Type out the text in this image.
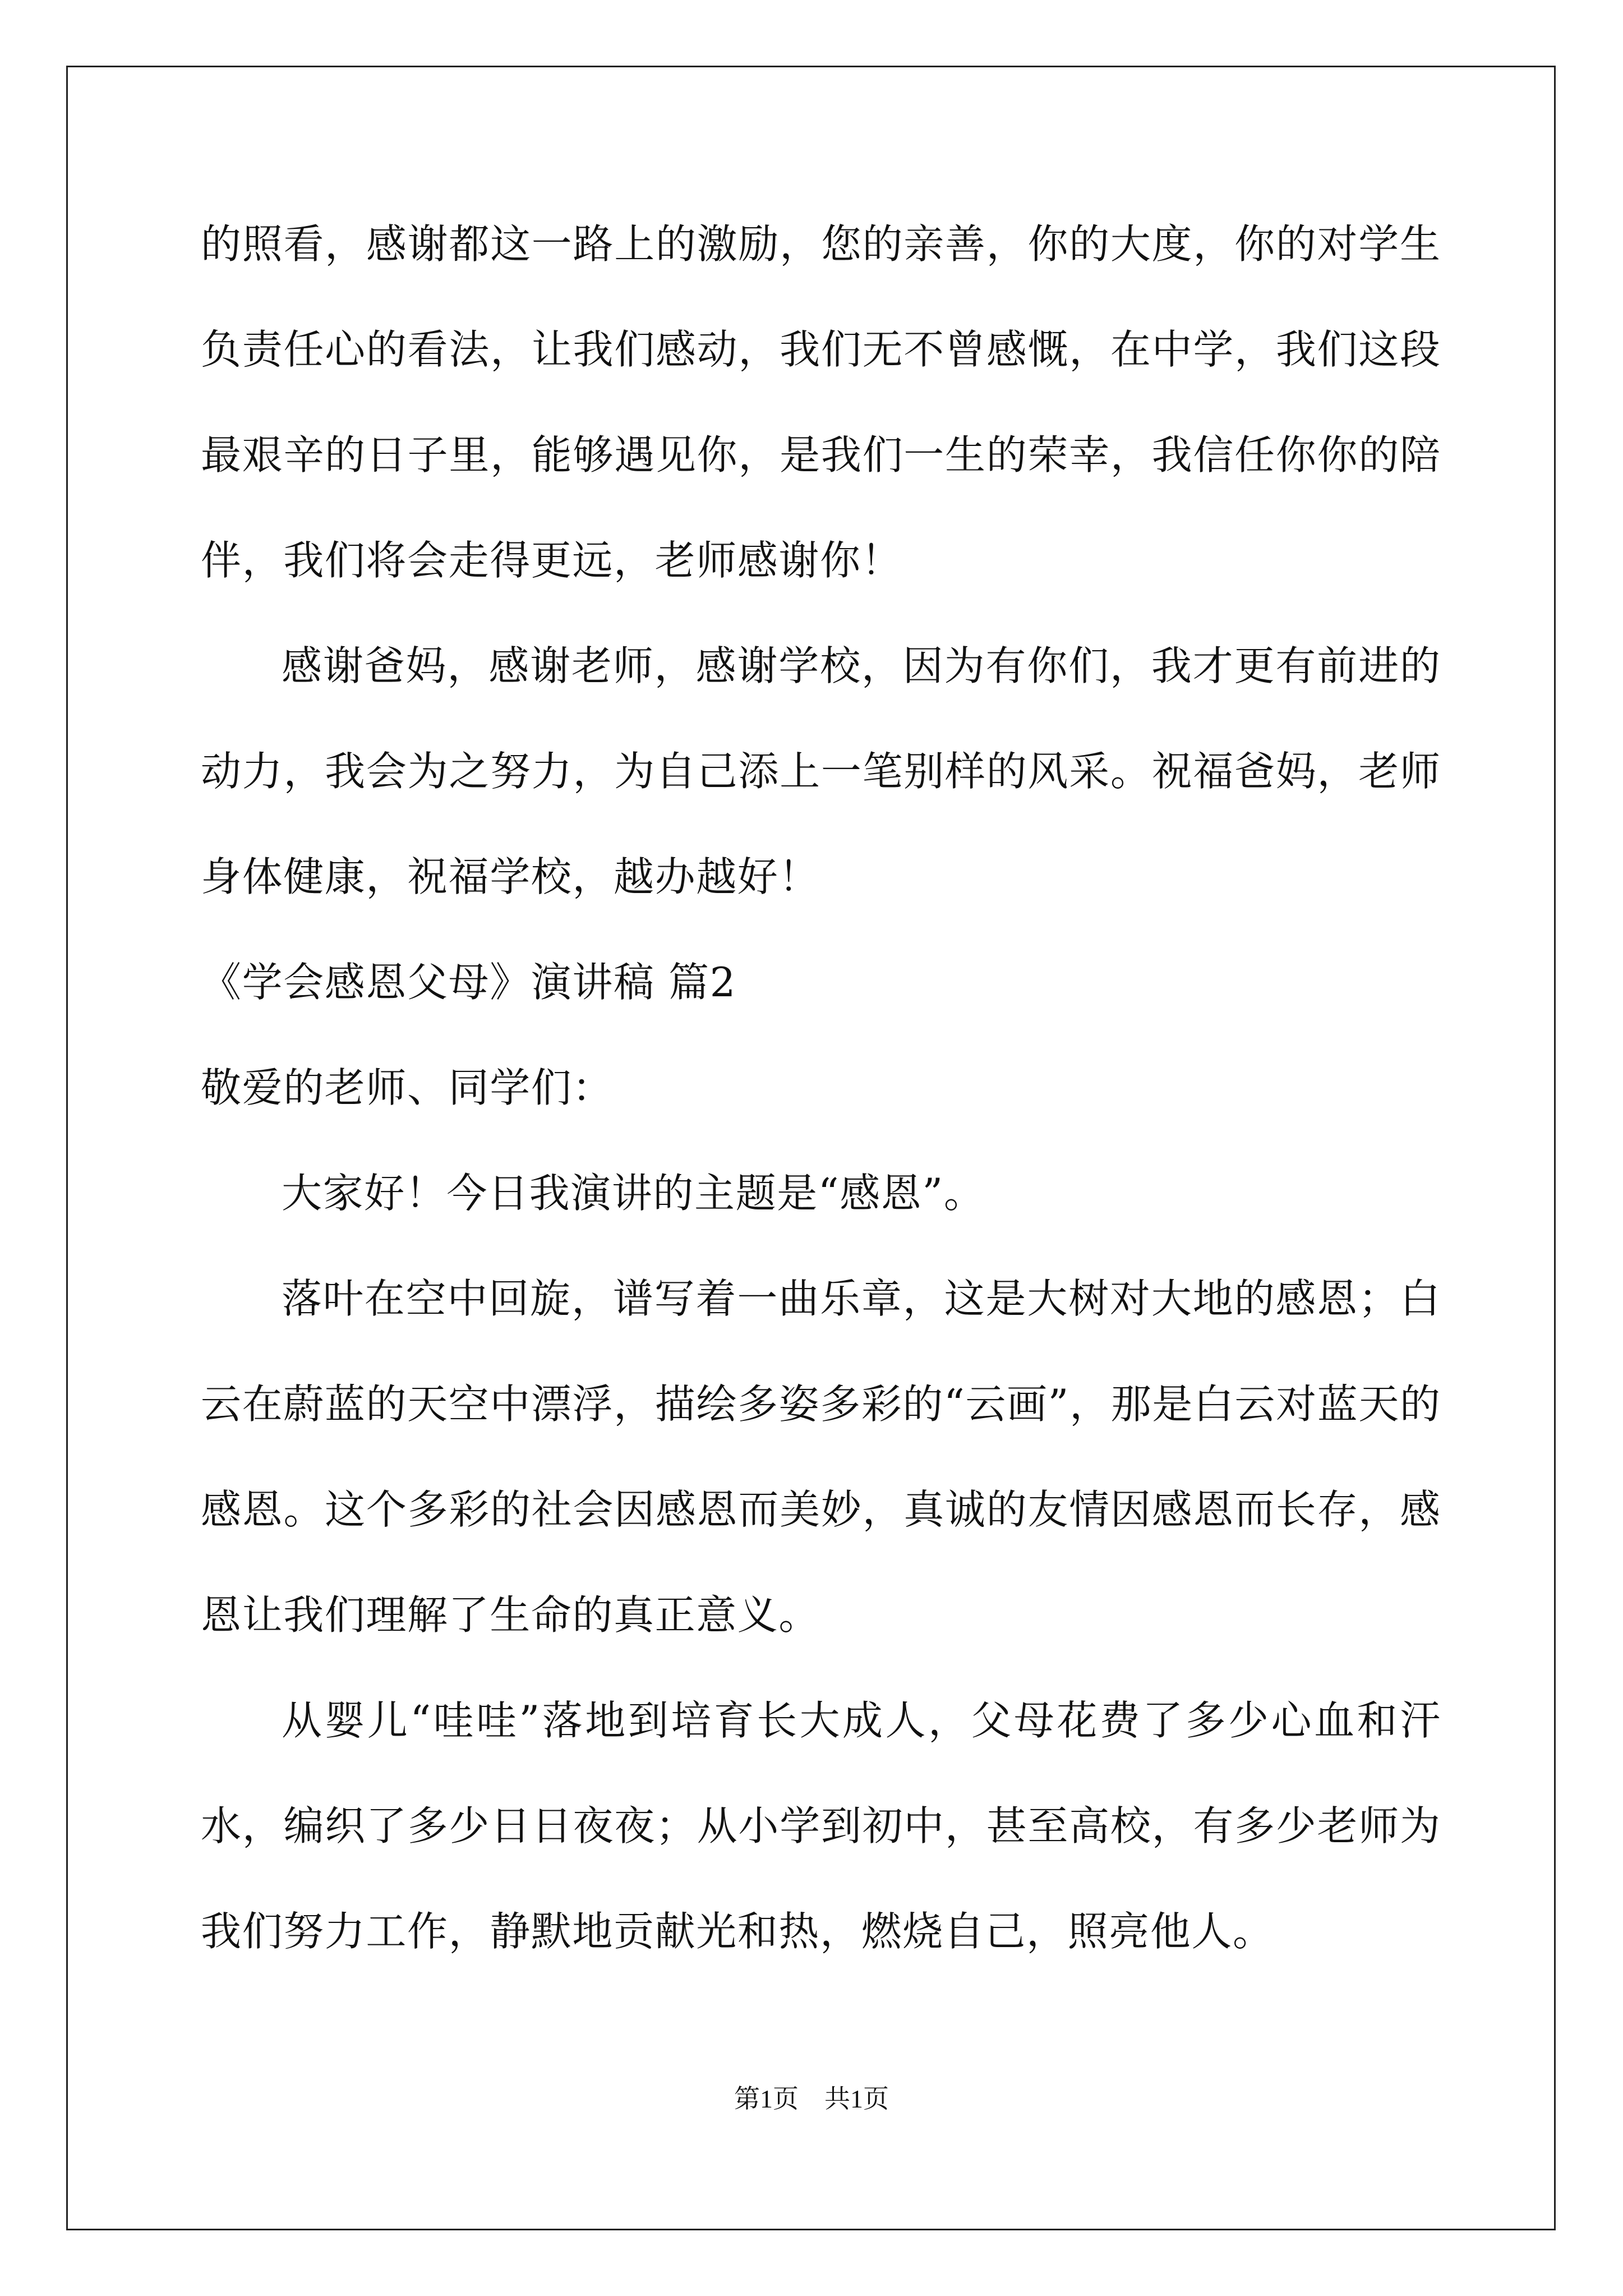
的照看，感谢都这一路上的激励，您的亲善，你的大度，你的对学生
负责任心的看法，让我们感动，我们无不曾感慨，在中学，我们这段
最艰辛的日子里，能够遇见你，是我们一生的荣幸，我信任你你的陪
伴，我们将会走得更远，老师感谢你！
感谢爸妈，感谢老师，感谢学校，因为有你们，我才更有前进的
动力，我会为之努力，为自己添上一笔别样的风采。祝福爸妈，老师
身体健康，祝福学校，越办越好！
《学会感恩父母》演讲稿 篇2
敬爱的老师、同学们：
大家好！今日我演讲的主题是“感恩”。
落叶在空中回旋，谱写着一曲乐章，这是大树对大地的感恩；白
云在蔚蓝的天空中漂浮，描绘多姿多彩的“云画”，那是白云对蓝天的
感恩。这个多彩的社会因感恩而美妙，真诚的友情因感恩而长存，感
恩让我们理解了生命的真正意义。
从婴儿“哇哇”落地到培育长大成人，父母花费了多少心血和汗
水，编织了多少日日夜夜；从小学到初中，甚至高校，有多少老师为
我们努力工作，静默地贡献光和热，燃烧自己，照亮他人。
第1页　共1页
